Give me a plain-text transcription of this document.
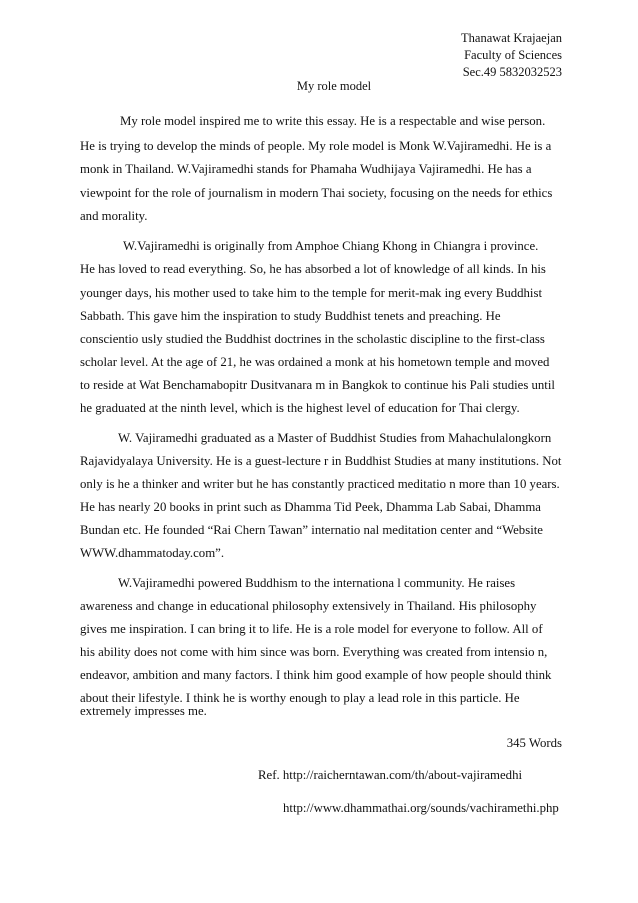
Thanawat Krajaejan
Faculty of Sciences
Sec.49 5832032523
My role model
My role model inspired me to write this essay. He is a respectable and wise person.
He is trying to develop the minds of people. My role model is Monk W.Vajiramedhi. He is a
monk in Thailand. W.Vajiramedhi stands for Phamaha Wudhijaya Vajiramedhi. He has a
viewpoint for the role of journalism in modern Thai society, focusing on the needs for ethics
and morality.
W.Vajiramedhi is originally from Amphoe Chiang Khong in Chiangra i province.
He has loved to read everything. So, he has absorbed a lot of knowledge of all kinds. In his
younger days, his mother used to take him to the temple for merit-mak ing every Buddhist
Sabbath. This gave him the inspiration to study Buddhist tenets and preaching. He
conscientio usly studied the Buddhist doctrines in the scholastic discipline to the first-class
scholar level. At the age of 21, he was ordained a monk at his hometown temple and moved
to reside at Wat Benchamabopitr Dusitvanara m in Bangkok to continue his Pali studies until
he graduated at the ninth level, which is the highest level of education for Thai clergy.
W. Vajiramedhi graduated as a Master of Buddhist Studies from Mahachulalongkorn
Rajavidyalaya University. He is a guest-lecture r in Buddhist Studies at many institutions. Not
only is he a thinker and writer but he has constantly practiced meditatio n more than 10 years.
He has nearly 20 books in print such as Dhamma Tid Peek, Dhamma Lab Sabai, Dhamma
Bundan etc. He founded “Rai Chern Tawan” internatio nal meditation center and “Website
WWW.dhammatoday.com”.
W.Vajiramedhi powered Buddhism to the internationa l community. He raises
awareness and change in educational philosophy extensively in Thailand. His philosophy
gives me inspiration. I can bring it to life. He is a role model for everyone to follow. All of
his ability does not come with him since was born. Everything was created from intensio n,
endeavor, ambition and many factors. I think him good example of how people should think
about their lifestyle. I think he is worthy enough to play a lead role in this particle. He
extremely impresses me.
345 Words
Ref. http://raicherntawan.com/th/about-vajiramedhi
http://www.dhammathai.org/sounds/vachiramethi.php
